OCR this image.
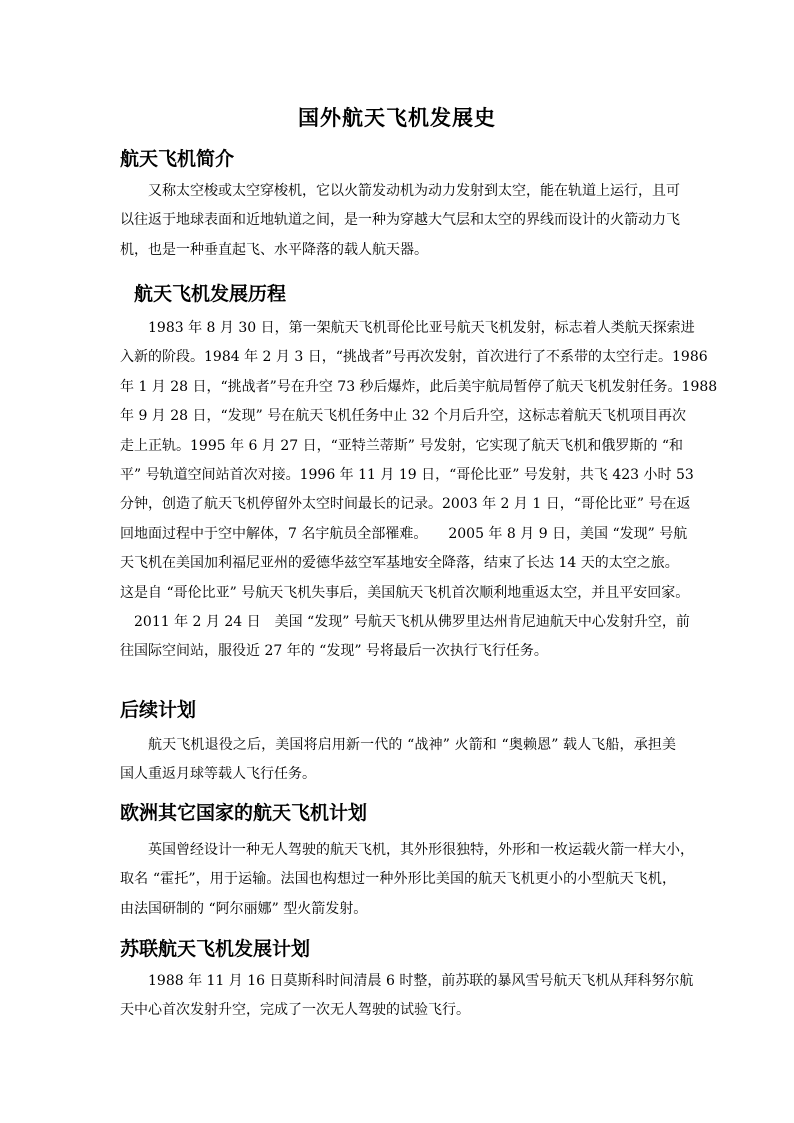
国外航天飞机发展史
航天飞机简介
又称太空梭或太空穿梭机，它以火箭发动机为动力发射到太空，能在轨道上运行，且可
以往返于地球表面和近地轨道之间，是一种为穿越大气层和太空的界线而设计的火箭动力飞
机，也是一种垂直起飞、水平降落的载人航天器。
航天飞机发展历程
1983 年 8 月 30 日，第一架航天飞机哥伦比亚号航天飞机发射，标志着人类航天探索进
入新的阶段。1984 年 2 月 3 日，“挑战者”号再次发射，首次进行了不系带的太空行走。1986
年 1 月 28 日，“挑战者”号在升空 73 秒后爆炸，此后美宇航局暂停了航天飞机发射任务。1988
年 9 月 28 日，“发现” 号在航天飞机任务中止 32 个月后升空，这标志着航天飞机项目再次
走上正轨。1995 年 6 月 27 日，“亚特兰蒂斯” 号发射，它实现了航天飞机和俄罗斯的 “和
平” 号轨道空间站首次对接。1996 年 11 月 19 日，“哥伦比亚” 号发射，共飞 423 小时 53
分钟，创造了航天飞机停留外太空时间最长的记录。2003 年 2 月 1 日，“哥伦比亚” 号在返
回地面过程中于空中解体，7 名宇航员全部罹难。　　2005 年 8 月 9 日，美国 “发现” 号航
天飞机在美国加利福尼亚州的爱德华兹空军基地安全降落，结束了长达 14 天的太空之旅。
这是自 “哥伦比亚” 号航天飞机失事后，美国航天飞机首次顺利地重返太空，并且平安回家。
　2011 年 2 月 24 日　美国 “发现” 号航天飞机从佛罗里达州肯尼迪航天中心发射升空，前
往国际空间站，服役近 27 年的 “发现” 号将最后一次执行飞行任务。
后续计划
航天飞机退役之后，美国将启用新一代的 “战神” 火箭和 “奥赖恩” 载人飞船，承担美
国人重返月球等载人飞行任务。
欧洲其它国家的航天飞机计划
英国曾经设计一种无人驾驶的航天飞机，其外形很独特，外形和一枚运载火箭一样大小，
取名 “霍托”，用于运输。法国也构想过一种外形比美国的航天飞机更小的小型航天飞机，
由法国研制的 “阿尔丽娜” 型火箭发射。
苏联航天飞机发展计划
1988 年 11 月 16 日莫斯科时间清晨 6 时整，前苏联的暴风雪号航天飞机从拜科努尔航
天中心首次发射升空，完成了一次无人驾驶的试验飞行。
